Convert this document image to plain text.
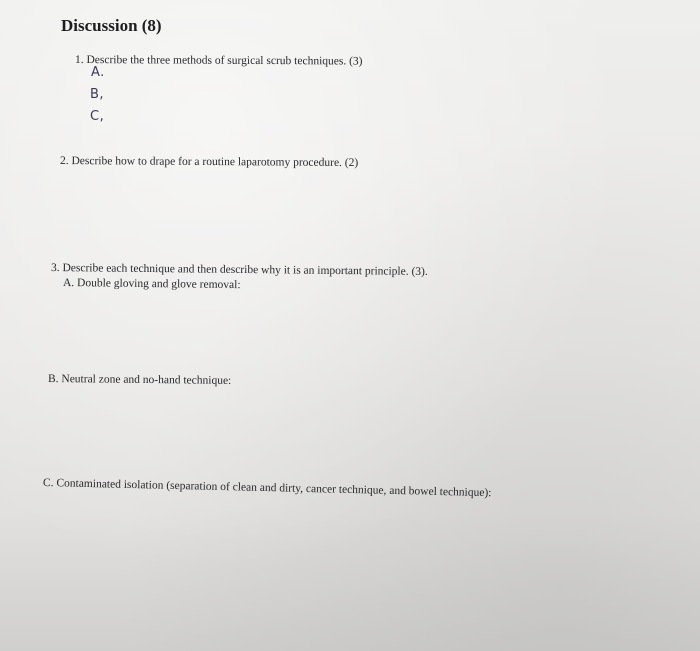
Discussion (8)
1. Describe the three methods of surgical scrub techniques. (3)
A.
B,
C,
2. Describe how to drape for a routine laparotomy procedure. (2)
3. Describe each technique and then describe why it is an important principle. (3).
A. Double gloving and glove removal:
B. Neutral zone and no-hand technique:
C. Contaminated isolation (separation of clean and dirty, cancer technique, and bowel technique):
